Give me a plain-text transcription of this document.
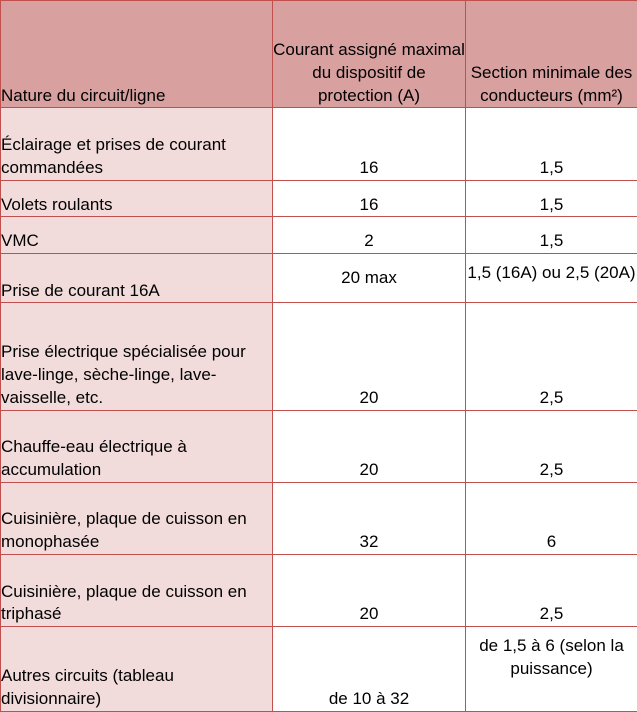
Nature du circuit/ligne	Courant assigné maximal du dispositif de protection (A)	Section minimale des conducteurs (mm²)
Éclairage et prises de courant commandées	16	1,5
Volets roulants	16	1,5
VMC	2	1,5
Prise de courant 16A	20 max	1,5 (16A) ou 2,5 (20A)
Prise électrique spécialisée pour lave-linge, sèche-linge, lave-vaisselle, etc.	20	2,5
Chauffe-eau électrique à accumulation	20	2,5
Cuisinière, plaque de cuisson en monophasée	32	6
Cuisinière, plaque de cuisson en triphasé	20	2,5
Autres circuits (tableau divisionnaire)	de 10 à 32	de 1,5 à 6 (selon la puissance)
